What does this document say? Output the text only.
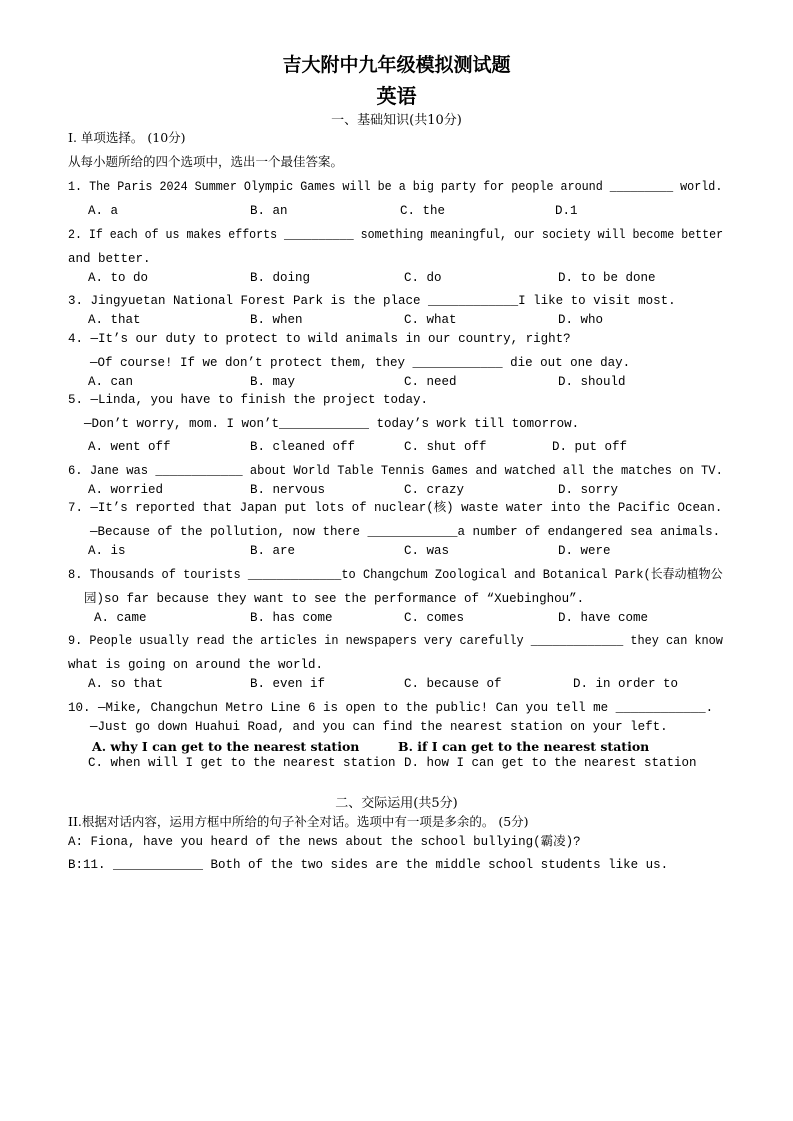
吉大附中九年级模拟测试题
英语
一、基础知识(共10分)
I. 单项选择。 (10分)
从每小题所给的四个选项中，选出一个最佳答案。
1. The Paris 2024 Summer Olympic Games will be a big party for people around _________ world.
A. a	B. an	C. the	D.1
2. If each of us makes efforts __________ something meaningful, our society will become better
and better.
A. to do	B. doing	C. do	D. to be done
3. Jingyuetan National Forest Park is the place ____________I like to visit most.
A. that	B. when	C. what	D. who
4. —It’s our duty to protect to wild animals in our country, right?
—Of course! If we don’t protect them, they ____________ die out one day.
A. can	B. may	C. need	D. should
5. —Linda, you have to finish the project today.
—Don’t worry, mom. I won’t____________ today’s work till tomorrow.
A. went off	B. cleaned off	C. shut off	D. put off
6. Jane was ____________ about World Table Tennis Games and watched all the matches on TV.
A. worried	B. nervous	C. crazy	D. sorry
7. —It’s reported that Japan put lots of nuclear(核) waste water into the Pacific Ocean.
—Because of the pollution, now there ____________a number of endangered sea animals.
A. is	B. are	C. was	D. were
8. Thousands of tourists _____________to Changchum Zoological and Botanical Park(长春动植物公
园)so far because they want to see the performance of “Xuebinghou”.
A. came	B. has come	C. comes	D. have come
9. People usually read the articles in newspapers very carefully _____________ they can know
what is going on around the world.
A. so that	B. even if	C. because of	D. in order to
10. —Mike, Changchun Metro Line 6 is open to the public! Can you tell me ____________.
—Just go down Huahui Road, and you can find the nearest station on your left.
A. why I can get to the nearest station	B. if I can get to the nearest station
C. when will I get to the nearest station D. how I can get to the nearest station
二、交际运用(共5分)
II.根据对话内容，运用方框中所给的句子补全对话。选项中有一项是多余的。 (5分)
A: Fiona, have you heard of the news about the school bullying(霸凌)?
B:11. ____________ Both of the two sides are the middle school students like us.
